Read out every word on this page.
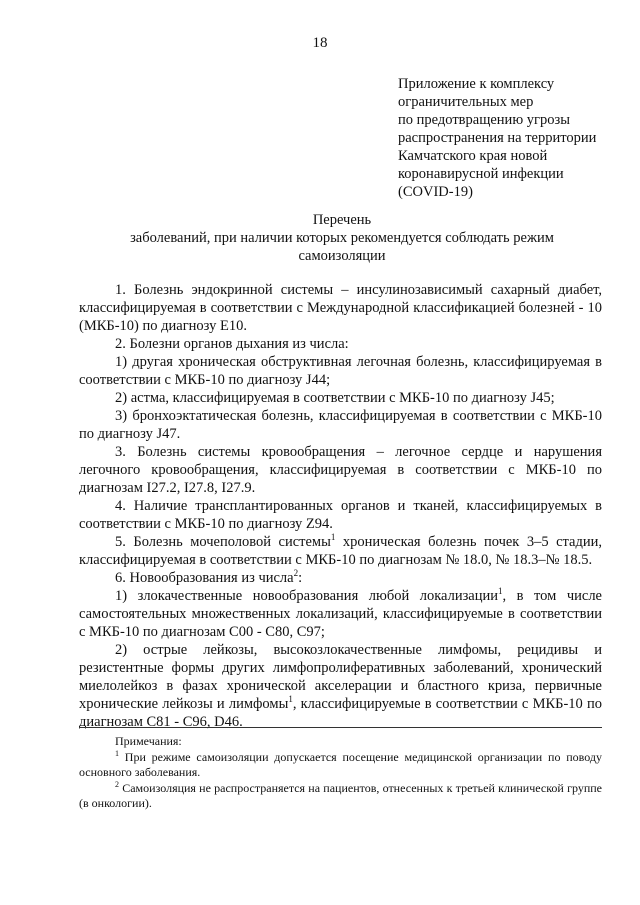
18
Приложение к комплексу
ограничительных мер
по предотвращению угрозы
распространения на территории
Камчатского края новой
коронавирусной инфекции
(COVID-19)
Перечень
заболеваний, при наличии которых рекомендуется соблюдать режим
самоизоляции

1. Болезнь эндокринной системы – инсулинозависимый сахарный диабет, классифицируемая в соответствии с Международной классификацией болезней - 10 (МКБ-10) по диагнозу Е10.

2. Болезни органов дыхания из числа:

1) другая хроническая обструктивная легочная болезнь, классифицируемая в соответствии с МКБ-10 по диагнозу J44;

2) астма, классифицируемая в соответствии с МКБ-10 по диагнозу J45;

3) бронхоэктатическая болезнь, классифицируемая в соответствии с МКБ-10 по диагнозу J47.

3. Болезнь системы кровообращения – легочное сердце и нарушения легочного кровообращения, классифицируемая в соответствии с МКБ-10 по диагнозам I27.2, I27.8, I27.9.

4. Наличие трансплантированных органов и тканей, классифицируемых в соответствии с МКБ-10 по диагнозу Z94.

5. Болезнь мочеполовой системы$^1$ хроническая болезнь почек 3–5 стадии, классифицируемая в соответствии с МКБ-10 по диагнозам № 18.0, № 18.3–№ 18.5.

6. Новообразования из числа$^2$:

1) злокачественные новообразования любой локализации$^1$, в том числе самостоятельных множественных локализаций, классифицируемые в соответствии с МКБ-10 по диагнозам С00 - С80, С97;

2) острые лейкозы, высокозлокачественные лимфомы, рецидивы и резистентные формы других лимфопролиферативных заболеваний, хронический миелолейкоз в фазах хронической акселерации и бластного криза, первичные хронические лейкозы и лимфомы$^1$, классифицируемые в соответствии с МКБ-10 по диагнозам С81 - С96, D46.

Примечания:

$^1$ При режиме самоизоляции допускается посещение медицинской организации по поводу основного заболевания.

$^2$ Самоизоляция не распространяется на пациентов, отнесенных к третьей клинической группе (в онкологии).
